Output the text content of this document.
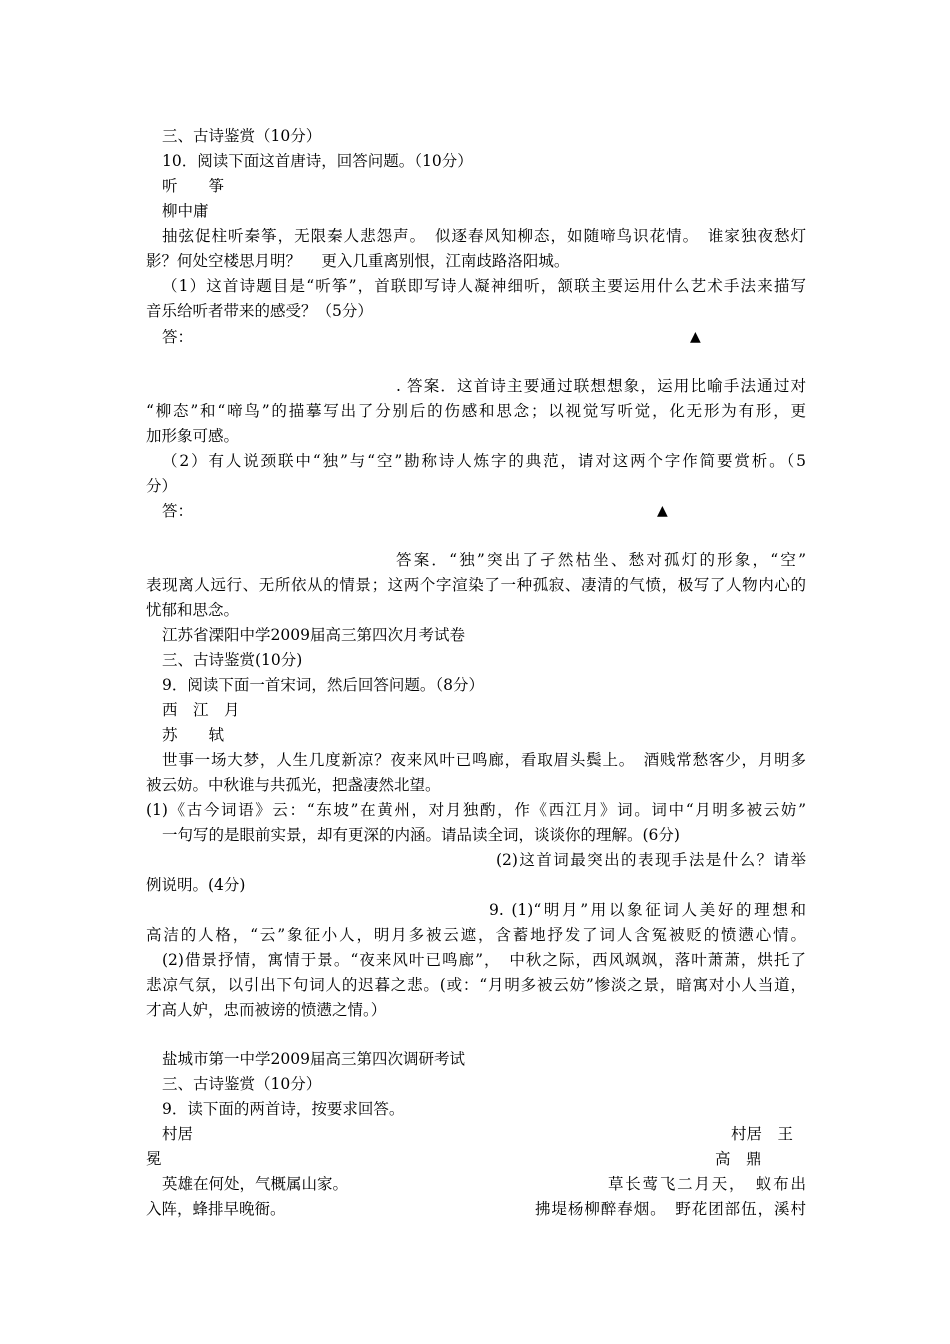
三、古诗鉴赏（10分）
10．阅读下面这首唐诗，回答问题。（10分）
听　　筝
柳中庸
抽弦促柱听秦筝，无限秦人悲怨声。　似逐春风知柳态，如随啼鸟识花情。　谁家独夜愁灯
影？何处空楼思月明？　 更入几重离别恨，江南歧路洛阳城。
（1）这首诗题目是“听筝”，首联即写诗人凝神细听，颔联主要运用什么艺术手法来描写
音乐给听者带来的感受？（5分）
答：	▲
. 答案．这首诗主要通过联想想象，运用比喻手法通过对
“柳态”和“啼鸟”的描摹写出了分别后的伤感和思念；以视觉写听觉，化无形为有形，更
加形象可感。
（2）有人说颈联中“独”与“空”勘称诗人炼字的典范，请对这两个字作简要赏析。（5
分）
答：	▲
答案．“独”突出了孑然枯坐、愁对孤灯的形象，“空”
表现离人远行、无所依从的情景；这两个字渲染了一种孤寂、凄清的气愤，极写了人物内心的
忧郁和思念。
江苏省溧阳中学2009届高三第四次月考试卷
三、古诗鉴赏(10分)
9．阅读下面一首宋词，然后回答问题。（8分）
西　江　月
苏　　轼
世事一场大梦，人生几度新凉？夜来风叶已鸣廊，看取眉头鬓上。　酒贱常愁客少，月明多
被云妨。中秋谁与共孤光，把盏凄然北望。
(1)《古今词语》云：“东坡”在黄州，对月独酌，作《西江月》词。词中“月明多被云妨”
一句写的是眼前实景，却有更深的内涵。请品读全词，谈谈你的理解。(6分)
(2)这首词最突出的表现手法是什么？请举
例说明。(4分)
9. (1)“明月”用以象征词人美好的理想和
高洁的人格，“云”象征小人，明月多被云遮，含蓄地抒发了词人含冤被贬的愤懑心情。
(2)借景抒情，寓情于景。“夜来风叶已鸣廊”，　中秋之际，西风飒飒，落叶萧萧，烘托了
悲凉气氛，以引出下句词人的迟暮之悲。(或：“月明多被云妨”惨淡之景，暗寓对小人当道，
才高人妒，忠而被谤的愤懑之情。）
盐城市第一中学2009届高三第四次调研考试
三、古诗鉴赏（10分）
9．读下面的两首诗，按要求回答。
村居	村居　王
冕	高　鼎
英雄在何处，气概属山家。	草长莺飞二月天，　蚁布出
入阵，蜂排早晚衙。	拂堤杨柳醉春烟。　野花团部伍，溪村
